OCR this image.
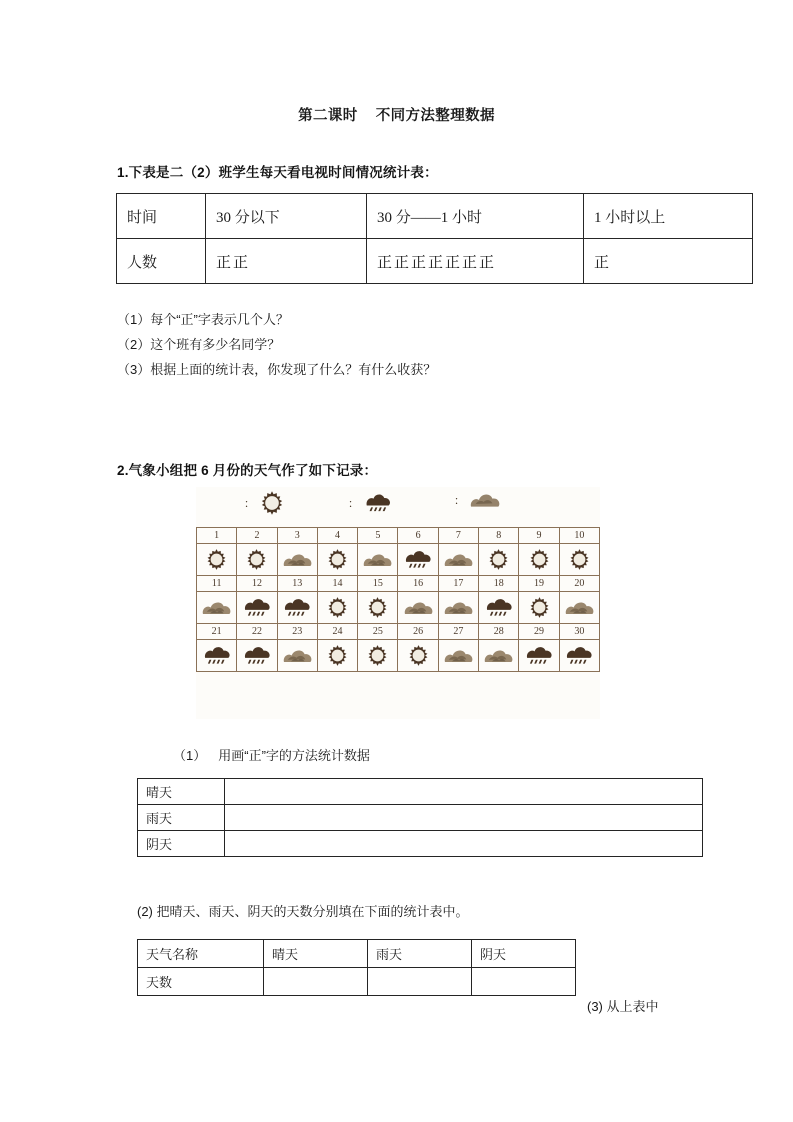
第二课时 不同方法整理数据
1.下表是二（2）班学生每天看电视时间情况统计表：
时间	30 分以下	30 分——1 小时	1 小时以上
人数	正正	正正正正正正正	正
（1）每个“正”字表示几个人？
（2）这个班有多少名同学？
（3）根据上面的统计表，你发现了什么？有什么收获？
2.气象小组把 6 月份的天气作了如下记录：
：	：	：
1	2	3	4	5	6	7	8	9	10

11	12	13	14	15	16	17	18	19	20

21	22	23	24	25	26	27	28	29	30

（1） 用画“正”字的方法统计数据
晴天	
雨天	
阴天	
(2) 把晴天、雨天、阴天的天数分别填在下面的统计表中。
天气名称	晴天	雨天	阴天
天数			
(3) 从上表中
